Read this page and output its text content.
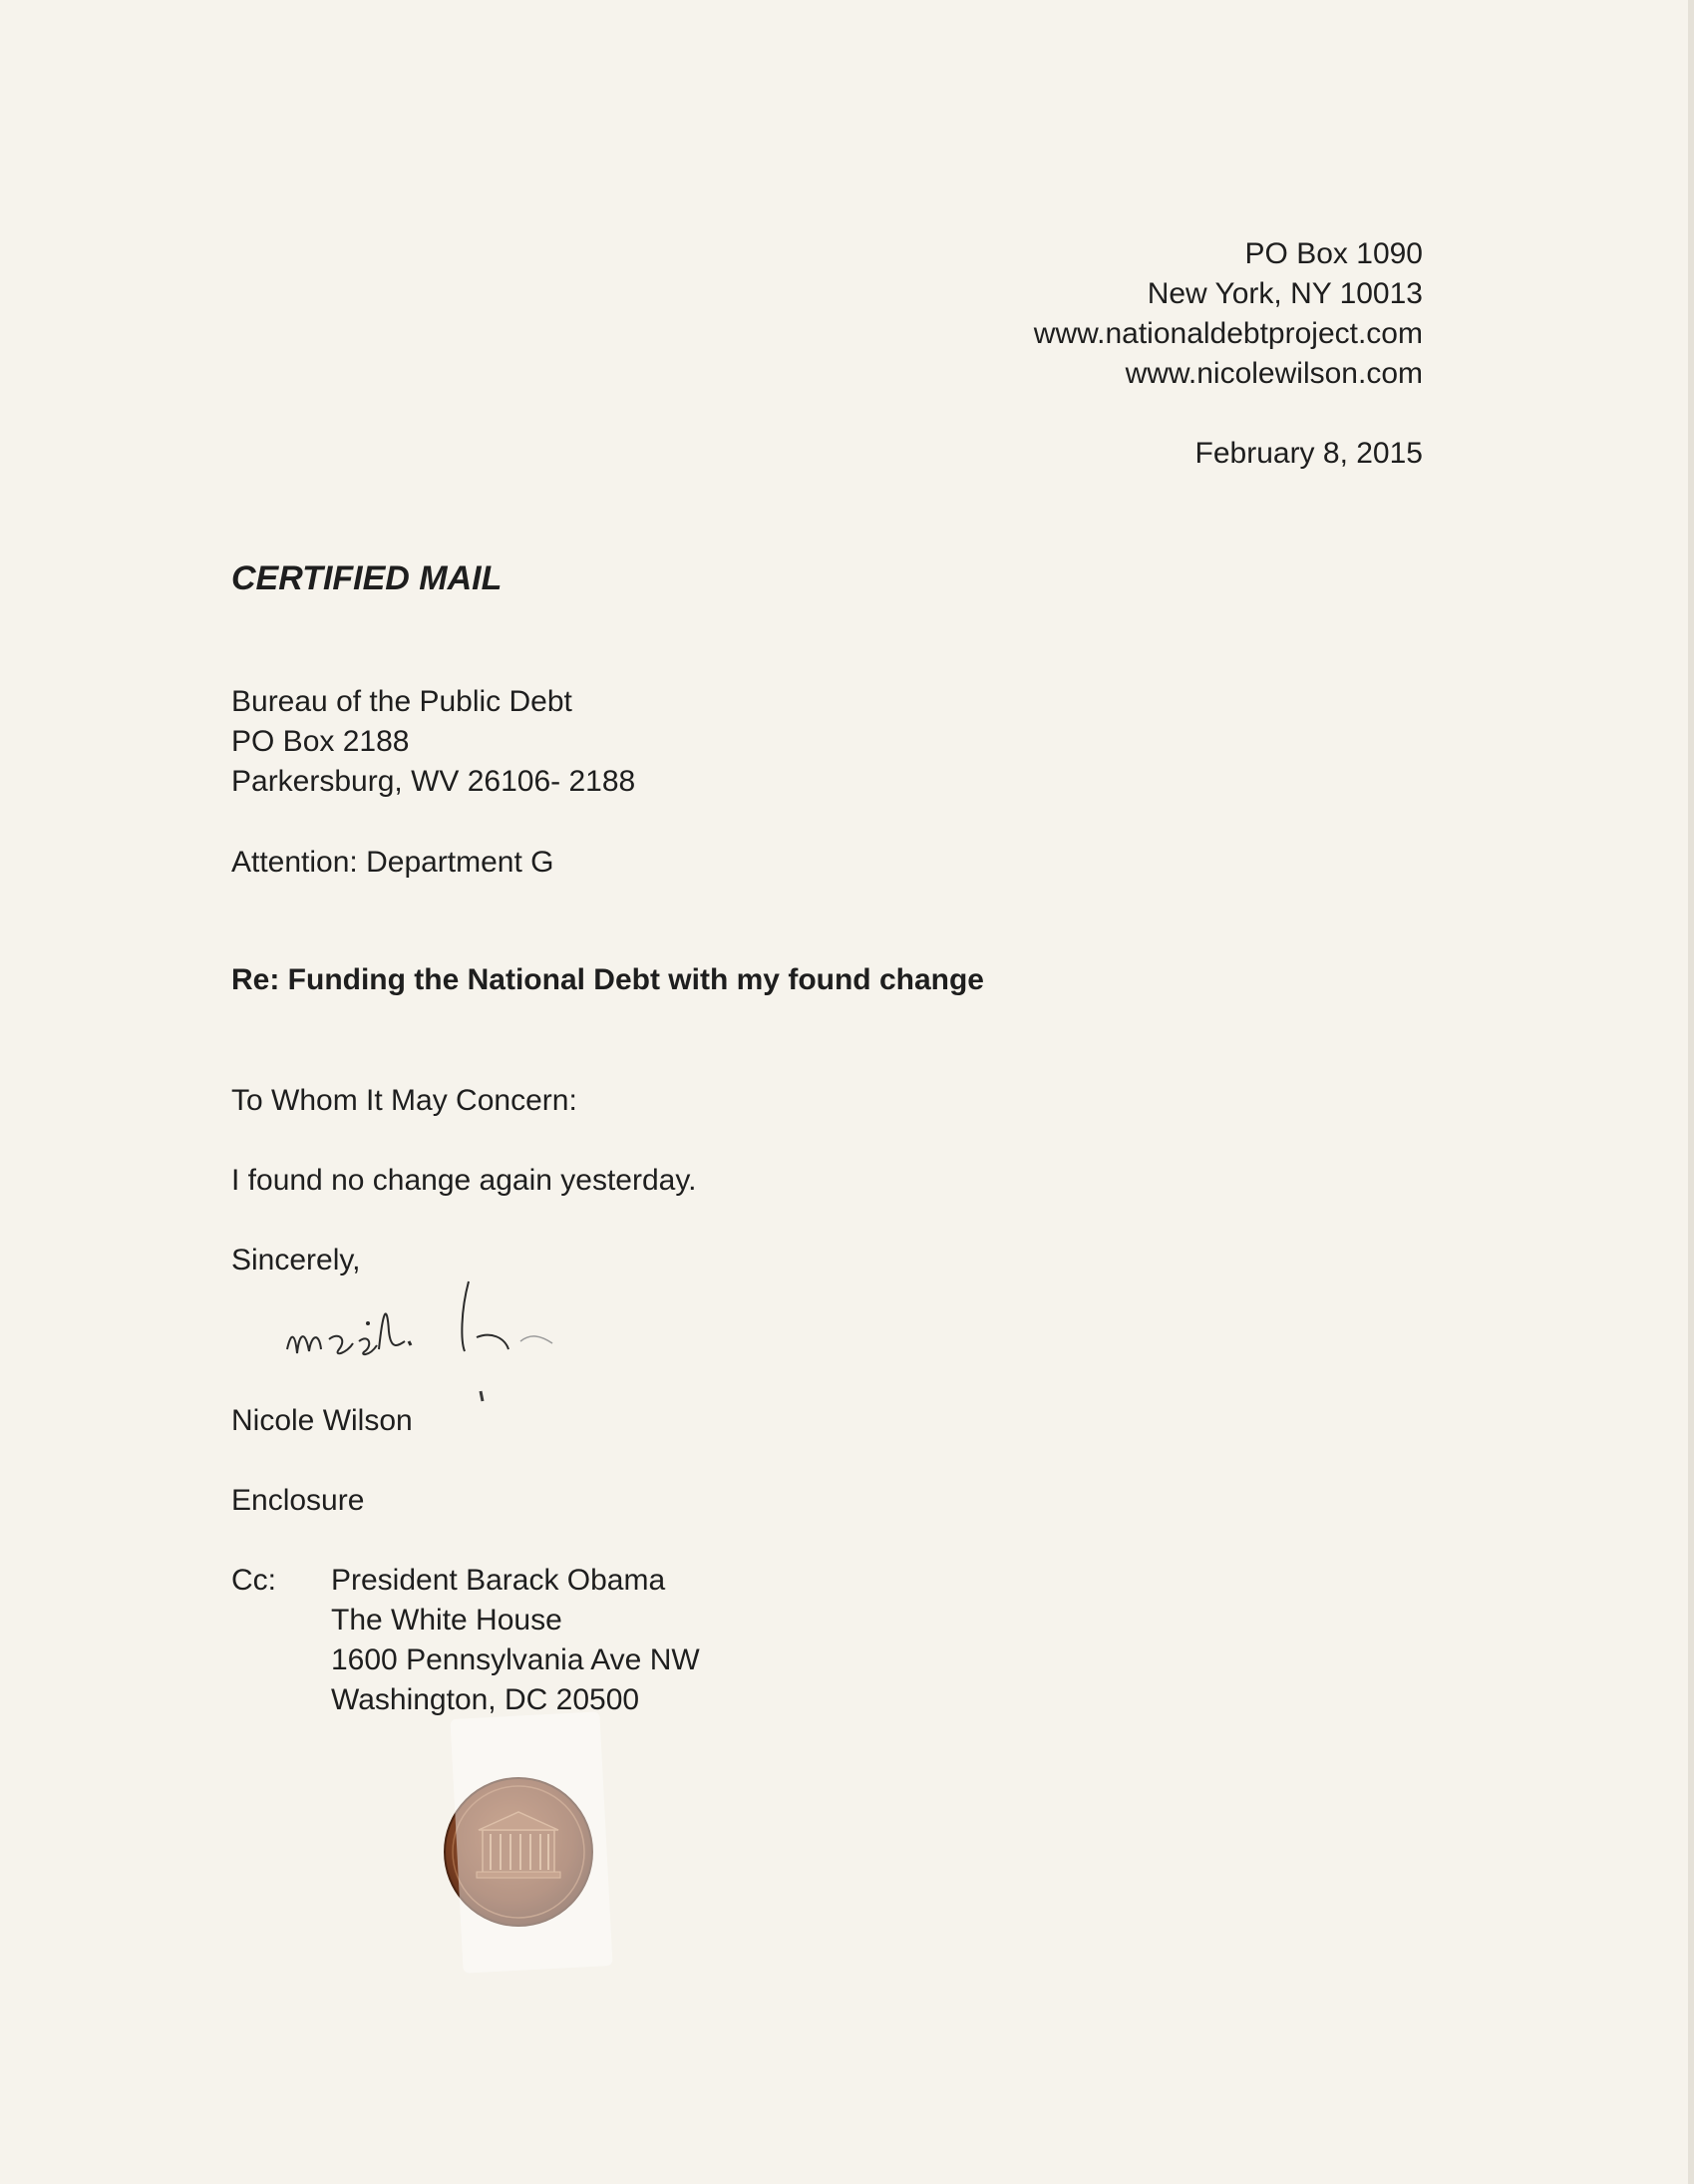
PO Box 1090
New York, NY 10013
www.nationaldebtproject.com
www.nicolewilson.com
February 8, 2015
CERTIFIED MAIL
Bureau of the Public Debt
PO Box 2188
Parkersburg, WV 26106- 2188
Attention: Department G
Re: Funding the National Debt with my found change
To Whom It May Concern:
I found no change again yesterday.
Sincerely,
Nicole Wilson
Enclosure
Cc: President Barack Obama
The White House
1600 Pennsylvania Ave NW
Washington, DC 20500
